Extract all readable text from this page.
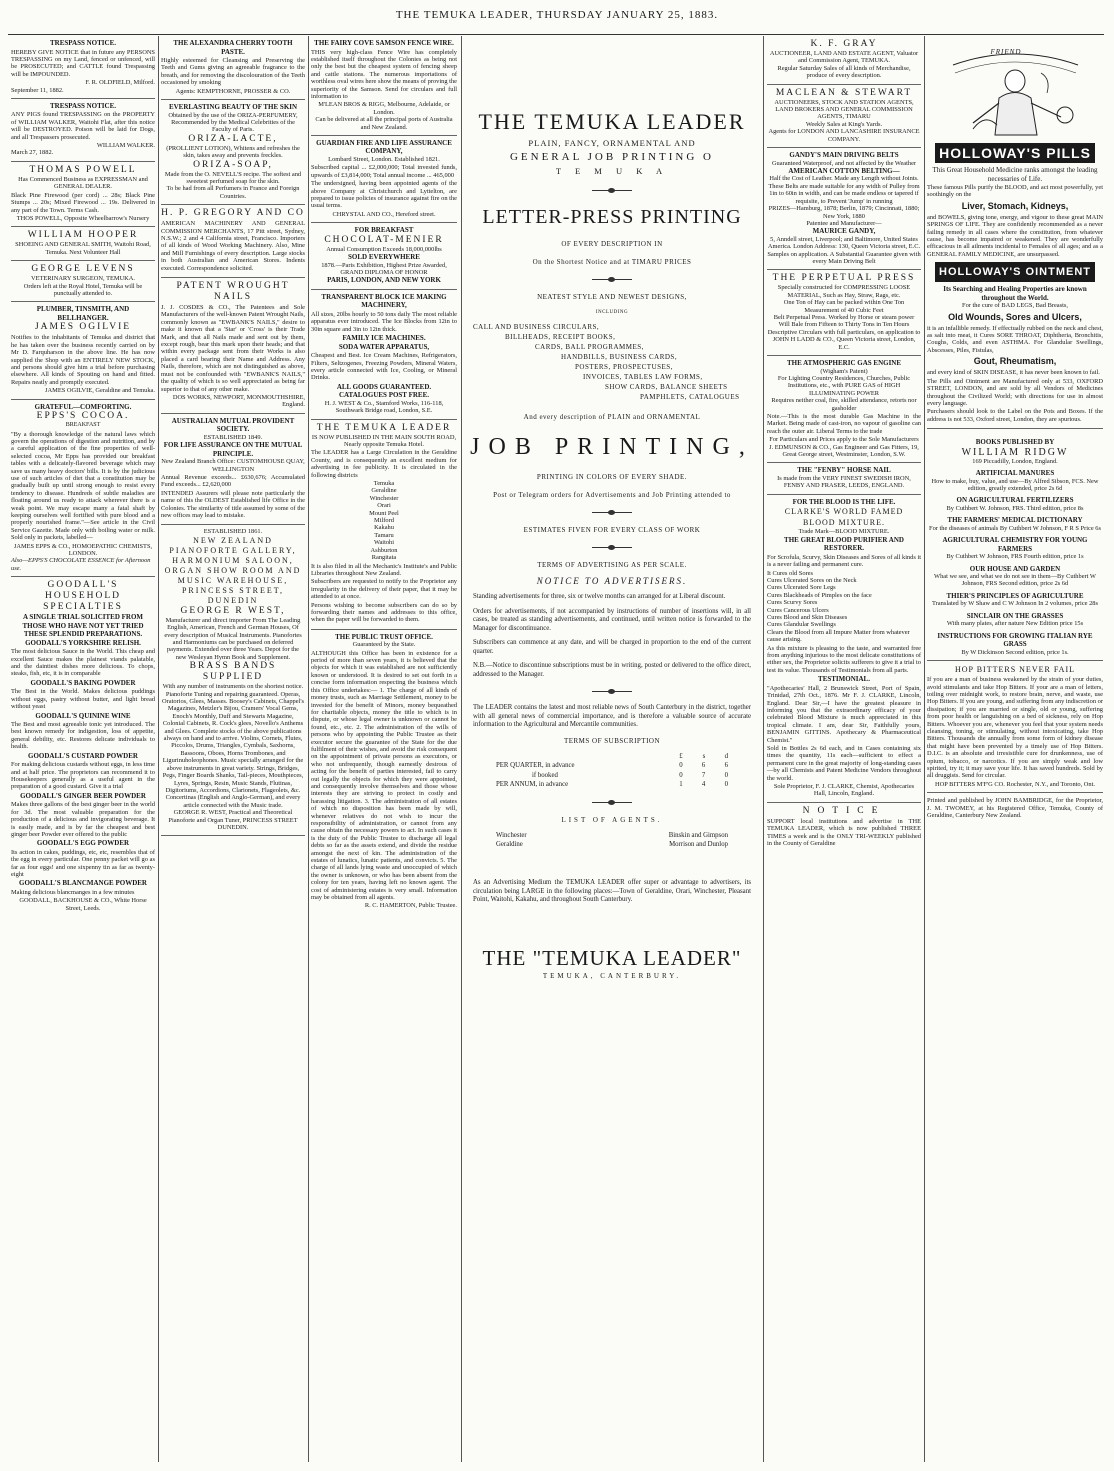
THE TEMUKA LEADER, THURSDAY JANUARY 25, 1883.
TRESPASS NOTICE.
HEREBY GIVE NOTICE that in future any PERSONS TRESPASSING on my Land, fenced or unfenced, will be PROSECUTED; and CATTLE found Trespassing will be IMPOUNDED.
F. R. OLDFIELD, Milford.
September 11, 1882.
TRESPASS NOTICE.
ANY PIGS found TRESPASSING on the PROPERTY of WILLIAM WALKER, Waitohi Flat, after this notice will be DESTROYED. Poison will be laid for Dogs, and all Trespassers prosecuted.
WILLIAM WALKER.
March 27, 1882.
THOMAS POWELL
Has Commenced Business as EXPRESSMAN and GENERAL DEALER.
Black Pine Firewood (per cord) ... 28s; Black Pine Stumps ... 20s; Mixed Firewood ... 19s. Delivered in any part of the Town. Terms Cash.
THOS POWELL, Opposite Wheelbarrow's Nursery
WILLIAM HOOPER
SHOEING AND GENERAL SMITH, Waitohi Road, Temuka. Next Volunteer Hall
GEORGE LEVENS
VETERINARY SURGEON, TEMUKA.
Orders left at the Royal Hotel, Temuka will be punctually attended to.
PLUMBER, TINSMITH, AND BELLHANGER.
JAMES OGILVIE
Notifies to the inhabitants of Temuka and district that he has taken over the business recently carried on by Mr D. Farquharson in the above line. He has now supplied the Shop with an ENTIRELY NEW STOCK, and persons should give him a trial before purchasing elsewhere. All kinds of Spouting on hand and fitted. Repairs neatly and promptly executed.
JAMES OGILVIE, Geraldine and Temuka.
GRATEFUL—COMFORTING.
EPPS'S COCOA.
BREAKFAST
"By a thorough knowledge of the natural laws which govern the operations of digestion and nutrition, and by a careful application of the fine properties of well-selected cocoa, Mr Epps has provided our breakfast tables with a delicately-flavored beverage which may save us many heavy doctors' bills. It is by the judicious use of such articles of diet that a constitution may be gradually built up until strong enough to resist every tendency to disease. Hundreds of subtle maladies are floating around us ready to attack wherever there is a weak point. We may escape many a fatal shaft by keeping ourselves well fortified with pure blood and a properly nourished frame."—See article in the Civil Service Gazette. Made only with boiling water or milk. Sold only in packets, labelled—
JAMES EPPS & CO., HOMOEPATHIC CHEMISTS, LONDON.
Also—EPPS'S CHOCOLATE ESSENCE for Afternoon use.
GOODALL'S HOUSEHOLD SPECIALTIES
A SINGLE TRIAL SOLICITED FROM THOSE WHO HAVE NOT YET TRIED THESE SPLENDID PREPARATIONS.
GOODALL'S YORKSHIRE RELISH.
The most delicious Sauce in the World. This cheap and excellent Sauce makes the plainest viands palatable, and the daintiest dishes more delicious. To chops, steaks, fish, etc, it is in comparable
GOODALL'S BAKING POWDER
The Best in the World. Makes delicious puddings without eggs, pastry without butter, and light bread without yeast
GOODALL'S QUININE WINE
The Best and most agreeable tonic yet introduced. The best known remedy for indigestion, loss of appetite, general debility, etc. Restores delicate individuals to health.
GOODALL'S CUSTARD POWDER
For making delicious custards without eggs, in less time and at half price. The proprietors can recommend it to Housekeepers generally as a useful agent in the preparation of a good custard. Give it a trial
GOODALL'S GINGER BEER POWDER
Makes three gallons of the best ginger beer in the world for 3d. The most valuable preparation for the production of a delicious and invigorating beverage. It is easily made, and is by far the cheapest and best ginger beer Powder ever offered to the public
GOODALL'S EGG POWDER
Its action in cakes, puddings, etc, etc, resembles that of the egg in every particular. One penny packet will go as far as four eggs! and one sixpenny tin as far as twenty-eight
GOODALL'S BLANCMANGE POWDER
Making delicious blancmanges in a few minutes
GOODALL, BACKHOUSE & CO., White Horse Street, Leeds.
THE ALEXANDRA CHERRY TOOTH PASTE.
Highly esteemed for Cleansing and Preserving the Teeth and Gums giving an agreeable fragrance to the breath, and for removing the discolouration of the Teeth occasioned by smoking
Agents: KEMPTHORNE, PROSSER & CO.
EVERLASTING BEAUTY OF THE SKIN
Obtained by the use of the ORIZA-PERFUMERY, Recommended by the Medical Celebrities of the Faculty of Paris.
ORIZA-LACTE,
(PROLLIENT LOTION), Whitens and refreshes the skin, takes away and prevents freckles.
ORIZA-SOAP,
Made from the O. NEVELL'S recipe. The softest and sweetest perfumed soap for the skin.
To be had from all Perfumers in France and Foreign Countries.
H. P. GREGORY AND CO
AMERICAN MACHINERY AND GENERAL COMMISSION MERCHANTS, 17 Pitt street, Sydney, N.S.W.; 2 and 4 California street, Francisco. Importers of all kinds of Wood Working Machinery. Also, Mine and Mill Furnishings of every description. Large stocks in both Australian and American Stores. Indents executed. Correspondence solicited.
PATENT WROUGHT NAILS
J. J. COSDES & CO., The Patentees and Sole Manufacturers of the well-known Patent Wrought Nails, commonly known as "EWBANK'S NAILS," desire to make it known that a 'Star' or 'Cross' is their Trade Mark, and that all Nails made and sent out by them, except rough, bear this mark upon their heads; and that within every package sent from their Works is also placed a card bearing their Name and Address. Any Nails, therefore, which are not distinguished as above, must not be confounded with "EWBANK'S NAILS," the quality of which is so well appreciated as being far superior to that of any other make.
DOS WORKS, NEWPORT, MONMOUTHSHIRE, England.
AUSTRALIAN MUTUAL PROVIDENT SOCIETY.
ESTABLISHED 1849.
FOR LIFE ASSURANCE ON THE MUTUAL PRINCIPLE.
New Zealand Branch Office: CUSTOMHOUSE QUAY, WELLINGTON
Annual Revenue exceeds... £630,676; Accumulated Fund exceeds... £2,620,000
INTENDED Assurers will please note particularly the name of this the OLDEST Established life Office in the Colonies. The similarity of title assumed by some of the new offices may lead to mistake.
ESTABLISHED 1861.
NEW ZEALAND PIANOFORTE GALLERY, HARMONIUM SALOON, ORGAN SHOW ROOM AND MUSIC WAREHOUSE, PRINCESS STREET, DUNEDIN
GEORGE R WEST,
Manufacturer and direct importer From The Leading English, American, French and German Houses, Of every description of Musical Instruments. Pianofortes and Harmoniums can be purchased on deferred payments. Extended over three Years. Depot for the new Wesleyan Hymn Book and Supplement.
BRASS BANDS SUPPLIED
With any number of instruments on the shortest notice. Pianoforte Tuning and repairing guaranteed. Operas, Oratorios, Glees, Masses. Boosey's Cabinets, Chappel's Magazines, Metzler's Bijou, Cramers' Vocal Gems, Enoch's Monthly, Duff and Stewarts Magazine, Colonial Cabinets, R. Cock's glees, Novello's Anthems and Glees. Complete stocks of the above publications always on hand and to arrive. Violins, Cornets, Flutes, Piccolos, Drums, Triangles, Cymbals, Saxhorns, Bassoons, Oboes, Horns Trombones, and Ligurinuholeophones. Music specially arranged for the above instruments in great variety. Strings, Bridges, Pegs, Finger Boards Shanks, Tail-pieces, Mouthpieces, Lyres, Springs, Resin, Music Stands, Flutinas, Digitoriums, Accordions, Clarionets, Flageolets, &c. Concertinas (English and Anglo-German), and every article connected with the Music trade.
GEORGE R. WEST, Practical and Theoretical Pianoforte and Organ Tuner, PRINCESS STREET DUNEDIN.
THE FAIRY COVE SAMSON FENCE WIRE.
THIS very high-class Fence Wire has completely established itself throughout the Colonies as being not only the best but the cheapest system of fencing sheep and cattle stations. The numerous importations of worthless oval wires here show the means of proving the superiority of the Samson. Send for circulars and full information to
M'LEAN BROS & RIGG, Melbourne, Adelaide, or London.
Can be delivered at all the principal ports of Australia and New Zealand.
GUARDIAN FIRE AND LIFE ASSURANCE COMPANY,
Lombard Street, London. Established 1821.
Subscribed capital ... £2,000,000; Total invested funds, upwards of £3,814,000; Total annual income ... 465,000
The undersigned, having been appointed agents of the above Company at Christchurch and Lyttelton, are prepared to issue policies of insurance against fire on the usual terms.
CHRYSTAL AND CO., Hereford street.
FOR BREAKFAST
CHOCOLAT-MENIER
Annual Consumption Exceeds 18,000,000lbs
SOLD EVERYWHERE
1878.—Paris Exhibition, Highest Prize Awarded, GRAND DIPLOMA OF HONOR
PARIS, LONDON, AND NEW YORK
TRANSPARENT BLOCK ICE MAKING MACHINERY,
All sizes, 20lbs hourly to 50 tons daily The most reliable apparatus ever introduced. The Ice Blocks from 12in to 30in square and 3in to 12in thick.
FAMILY ICE MACHINES.
SODA WATER APPARATUS,
Cheapest and Best. Ice Cream Machines, Refrigerators, Filters, Seltzogenes, Freezing Powders, Mineral Waters, every article connected with Ice, Cooling, or Mineral Drinks.
ALL GOODS GUARANTEED.
CATALOGUES POST FREE.
H. J. WEST & Co., Stamford Works, 116-118, Southwark Bridge road, London, S.E.
THE TEMUKA LEADER
IS NOW PUBLISHED IN THE MAIN SOUTH ROAD, Nearly opposite Temuka Hotel.
The LEADER has a Large Circulation in the Geraldine County, and is consequently an excellent medium for advertising in fee publicity. It is circulated in the following districts
Temuka
Geraldine
Winchester
Orari
Mount Peel
Milford
Kakahu
Tamaru
Waitohi
Ashburton
Rangitata
It is also filed in all the Mechanic's Institute's and Public Libraries throughout New Zealand.
Subscribers are requested to notify to the Proprietor any irregularity in the delivery of their paper, that it may be attended to at once.
Persons wishing to become subscribers can do so by forwarding their names and addresses to this office, when the paper will be forwarded to them.
THE PUBLIC TRUST OFFICE.
Guaranteed by the State.
ALTHOUGH this Office has been in existence for a period of more than seven years, it is believed that the objects for which it was established are not sufficiently known or understood. It is desired to set out forth in a concise form information respecting the business which this Office undertakes:— 1. The charge of all kinds of money trusts, such as Marriage Settlement, money to be invested for the benefit of Minors, money bequeathed for charitable objects, money the title to which is in dispute, or whose legal owner is unknown or cannot be found, etc., etc. 2. The administration of the wills of persons who by appointing the Public Trustee as their executor secure the guarantee of the State for the due fulfilment of their wishes, and avoid the risk consequent on the appointment of private persons as executors, or who not unfrequently, though earnestly desirous of acting for the benefit of parties interested, fail to carry out legally the objects for which they were appointed, and consequently involve themselves and those whose interests they are striving to protect in costly and harassing litigation. 3. The administration of all estates of which no disposition has been made by will, whenever relatives do not wish to incur the responsibility of administration, or cannot from any cause obtain the necessary powers to act. In such cases it is the duty of the Public Trustee to discharge all legal debts so far as the assets extend, and divide the residue amongst the next of kin. The administration of the estates of lunatics, lunatic patients, and convicts. 5. The charge of all lands lying waste and unoccupied of which the owner is unknown, or who has been absent from the colony for ten years, having left no known agent. The cost of administering estates is very small. Information may be obtained from all agents.
R. C. HAMERTON, Public Trustee.
THE TEMUKA LEADER
PLAIN, FANCY, ORNAMENTAL AND
GENERAL JOB PRINTING O
T E M U K A
LETTER-PRESS PRINTING
OF EVERY DESCRIPTION IN
On the Shortest Notice and at TIMARU PRICES
NEATEST STYLE AND NEWEST DESIGNS,
INCLUDING
CALL AND BUSINESS CIRCULARS,
BILLHEADS, RECEIPT BOOKS,
CARDS, BALL PROGRAMMES,
HANDBILLS, BUSINESS CARDS,
POSTERS, PROSPECTUSES,
INVOICES, TABLES LAW FORMS,
SHOW CARDS, BALANCE SHEETS
PAMPHLETS, CATALOGUES
And every description of PLAIN and ORNAMENTAL
JOB PRINTING,
PRINTING IN COLORS OF EVERY SHADE.
Post or Telegram orders for Advertisements and Job Printing attended to
ESTIMATES FIVEN FOR EVERY CLASS OF WORK
TERMS OF ADVERTISING AS PER SCALE.
NOTICE TO ADVERTISERS.
Standing advertisements for three, six or twelve months can arranged for at Liberal discount.
Orders for advertisements, if not accompanied by instructions of number of insertions will, in all cases, be treated as standing advertisements, and continued, until written notice is forwarded to the Manager for discontinuance.
Subscribers can commence at any date, and will be charged in proportion to the end of the current quarter.
N.B.—Notice to discontinue subscriptions must be in writing, posted or delivered to the office direct, addressed to the Manager.
The LEADER contains the latest and most reliable news of South Canterbury in the district, together with all general news of commercial importance, and is therefore a valuable source of accurate information to the Agricultural and Mercantile communities.
TERMS OF SUBSCRIPTION
	£	s	d
PER QUARTER, in advance	0	6	6
if booked	0	7	0
PER ANNUM, in advance	1	4	0
LIST OF AGENTS.
Winchester	Binskin and Gimpson
Geraldine	Morrison and Dunlop
As an Advertising Medium the TEMUKA LEADER offer super or advantage to advertisers, its circulation being LARGE in the following places:—Town of Geraldine, Orari, Winchester, Pleasant Point, Waitohi, Kakahu, and throughout South Canterbury.
THE "TEMUKA LEADER"
TEMUKA, CANTERBURY.
K. F. GRAY
AUCTIONEER, LAND AND ESTATE AGENT, Valuator and Commission Agent, TEMUKA.
Regular Saturday Sales of all kinds of Merchandise, produce of every description.
MACLEAN & STEWART
AUCTIONEERS, STOCK AND STATION AGENTS, LAND BROKERS AND GENERAL COMMISSION AGENTS, TIMARU
Weekly Sales at King's Yards.
Agents for LONDON AND LANCASHIRE INSURANCE COMPANY.
GANDY'S MAIN DRIVING BELTS
Guaranteed Waterproof, and not affected by the Weather
AMERICAN COTTON BELTING—
Half the Cost of Leather. Made any Length without Joints.
These Belts are made suitable for any width of Pulley from 1in to 60in in width, and can be made endless or tapered if requisite, to Prevent 'Jump' in running
PRIZES—Hamburg, 1878; Berlin, 1879; Cincinnati, 1880; New York, 1880
Patentee and Manufacturer—
MAURICE GANDY,
5, Anndell street, Liverpool; and Baltimore, United States America. London Address: 130, Queen Victoria street, E.C.
Samples on application. A Substantial Guarantee given with every Main Driving Belt
THE PERPETUAL PRESS
Specially constructed for COMPRESSING LOOSE MATERIAL, Such as Hay, Straw, Rags, etc.
One Ton of Hay can be packed within One Ton Measurement of 40 Cubic Feet
Belt Perpetual Press. Worked by Horse or steam power
Will Bale from Fifteen to Thirty Tons in Ten Hours
Descriptive Circulars with full particulars, on application to
JOHN H LADD & CO., Queen Victoria street, London, E.C.
THE ATMOSPHERIC GAS ENGINE
(Wigham's Patent)
For Lighting Country Residences, Churches, Public Institutions, etc., with PURE GAS of HIGH ILLUMINATING POWER
Requires neither coal, fire, skilled attendance, retorts nor gasholder
Note.—This is the most durable Gas Machine in the Market. Being made of cast-iron, no vapour of gasoline can reach the outer air. Liberal Terms to the trade
For Particulars and Prices apply to the Sole Manufacturers
J. EDMUNSON & CO., Gas Engineer and Gas Fitters, 19, Great George street, Westminster, London, S.W.
THE "FENBY" HORSE NAIL
Is made from the VERY FINEST SWEDISH IRON,
FENBY AND FRASER, LEEDS, ENGLAND.
FOR THE BLOOD IS THE LIFE.
CLARKE'S WORLD FAMED BLOOD MIXTURE.
Trade Mark—BLOOD MIXTURE.
THE GREAT BLOOD PURIFIER AND RESTORER.
For Scrofula, Scurvy, Skin Diseases and Sores of all kinds it is a never failing and permanent cure.
It Cures old Sores
Cures Ulcerated Sores on the Neck
Cures Ulcerated Sore Legs
Cures Blackheads of Pimples on the face
Cures Scurvy Sores
Cures Cancerous Ulcers
Cures Blood and Skin Diseases
Cures Glandular Swellings
Clears the Blood from all Impure Matter from whatever cause arising.
As this mixture is pleasing to the taste, and warranted free from anything injurious to the most delicate constitutions of either sex, the Proprietor solicits sufferers to give it a trial to test its value. Thousands of Testimonials from all parts.
TESTIMONIAL.
"Apothecaries' Hall, 2 Brunswick Street, Port of Spain, Trinidad, 27th Oct., 1876. Mr F. J. CLARKE, Lincoln, England. Dear Sir,—I have the greatest pleasure in informing you that the extraordinary efficacy of your celebrated Blood Mixture is much appreciated in this tropical climate. I am, dear Sir, Faithfully yours, BENJAMIN GITTINS. Apothecary & Pharmaceutical Chemist."
Sold in Bottles 2s 6d each, and in Cases containing six times the quantity, 11s each—sufficient to effect a permanent cure in the great majority of long-standing cases—by all Chemists and Patent Medicine Vendors throughout the world.
Sole Proprietor, F. J. CLARKE, Chemist, Apothecaries Hall, Lincoln, England.
NOTICE
SUPPORT local institutions and advertise in THE TEMUKA LEADER, which is now published THREE TIMES a week and is the ONLY TRI-WEEKLY published in the County of Geraldine
FRIEND
HOLLOWAY'S PILLS
This Great Household Medicine ranks amongst the leading necessaries of Life.
These famous Pills purify the BLOOD, and act most powerfully, yet soothingly on the
Liver, Stomach, Kidneys,
and BOWELS, giving tone, energy, and vigour to these great MAIN SPRINGS OF LIFE. They are confidently recommended as a never failing remedy in all cases where the constitution, from whatever cause, has become impaired or weakened. They are wonderfully efficacious in all ailments incidental to Females of all ages; and as a GENERAL FAMILY MEDICINE, are unsurpassed.
HOLLOWAY'S OINTMENT
Its Searching and Healing Properties are known throughout the World.
For the cure of BAD LEGS, Bad Breasts,
Old Wounds, Sores and Ulcers,
it is an infallible remedy. If effectually rubbed on the neck and chest, as salt into meat, it Cures SORE THROAT, Diphtheria, Bronchitis, Coughs, Colds, and even ASTHMA. For Glandular Swellings, Abscesses, Piles, Fistulas,
Gout, Rheumatism,
and every kind of SKIN DISEASE, it has never been known to fail.
The Pills and Ointment are Manufactured only at 533, OXFORD STREET, LONDON, and are sold by all Vendors of Medicines throughout the Civilized World; with directions for use in almost every language.
Purchasers should look to the Label on the Pots and Boxes. If the address is not 533, Oxford street, London, they are spurious.
BOOKS PUBLISHED BY
WILLIAM RIDGW
169 Piccadilly, London, England.
ARTIFICIAL MANURES
How to make, buy, value, and use—By Alfred Sibson, FCS. New edition, greatly extended, price 2s 6d
ON AGRICULTURAL FERTILIZERS
By Cuthbert W. Johnson, FRS. Third edition, price 8s
THE FARMERS' MEDICAL DICTIONARY
For the diseases of animals By Cuthbert W Johnson, F R S Price 6s
AGRICULTURAL CHEMISTRY FOR YOUNG FARMERS
By Cuthbert W Johnson, FRS Fourth edition, price 1s
OUR HOUSE AND GARDEN
What we see, and what we do not see in them—By Cuthbert W Johnson, FRS Second edition, price 2s 6d
THIER'S PRINCIPLES OF AGRICULTURE
Translated by W Shaw and C W Johnson In 2 volumes, price 28s
SINCLAIR ON THE GRASSES
With many plates, after nature New Edition price 15s
INSTRUCTIONS FOR GROWING ITALIAN RYE GRASS
By W Dickinson Second edition, price 1s.
HOP BITTERS NEVER FAIL
If you are a man of business weakened by the strain of your duties, avoid stimulants and take Hop Bitters. If your are a man of letters, toiling over midnight work, to restore brain, nerve, and waste, use Hop Bitters. If you are young, and suffering from any indiscretion or dissipation; if you are married or single, old or young, suffering from poor health or languishing on a bed of sickness, rely on Hop Bitters. Whoever you are, whenever you feel that your system needs cleansing, toning, or stimulating, without intoxicating, take Hop Bitters. Thousands die annually from some form of kidney disease that might have been prevented by a timely use of Hop Bitters. D.I.C. is an absolute and irresistible cure for drunkenness, use of opium, tobacco, or narcotics. If you are simply weak and low spirited, try it; it may save your life. It has saved hundreds. Sold by all druggists. Send for circular.
HOP BITTERS M'F'G CO. Rochester, N.Y., and Toronto, Ont.
Printed and published by JOHN BAMBRIDGE, for the Proprietor, J. M. TWOMEY, at his Registered Office, Temuka, County of Geraldine, Canterbury New Zealand.
